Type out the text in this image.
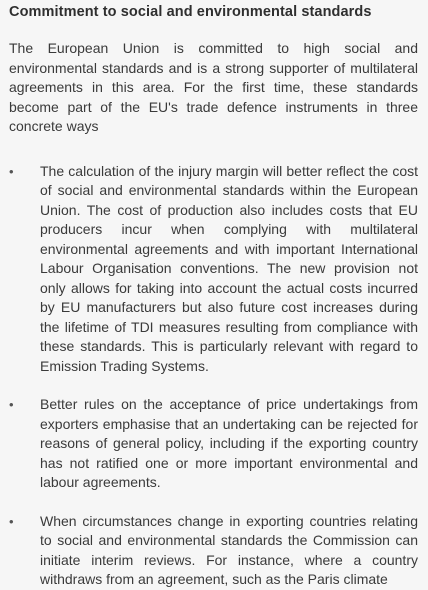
Commitment to social and environmental standards

The European Union is committed to high social and environmental standards and is a strong supporter of multilateral agreements in this area. For the first time, these standards become part of the EU's trade defence instruments in three concrete ways

•	The calculation of the injury margin will better reflect the cost of social and environmental standards within the European Union. The cost of production also includes costs that EU producers incur when complying with multilateral environmental agreements and with important International Labour Organisation conventions. The new provision not only allows for taking into account the actual costs incurred by EU manufacturers but also future cost increases during the lifetime of TDI measures resulting from compliance with these standards. This is particularly relevant with regard to Emission Trading Systems.
•	Better rules on the acceptance of price undertakings from exporters emphasise that an undertaking can be rejected for reasons of general policy, including if the exporting country has not ratified one or more important environmental and labour agreements.
•	When circumstances change in exporting countries relating to social and environmental standards the Commission can initiate interim reviews. For instance, where a country withdraws from an agreement, such as the Paris climate
